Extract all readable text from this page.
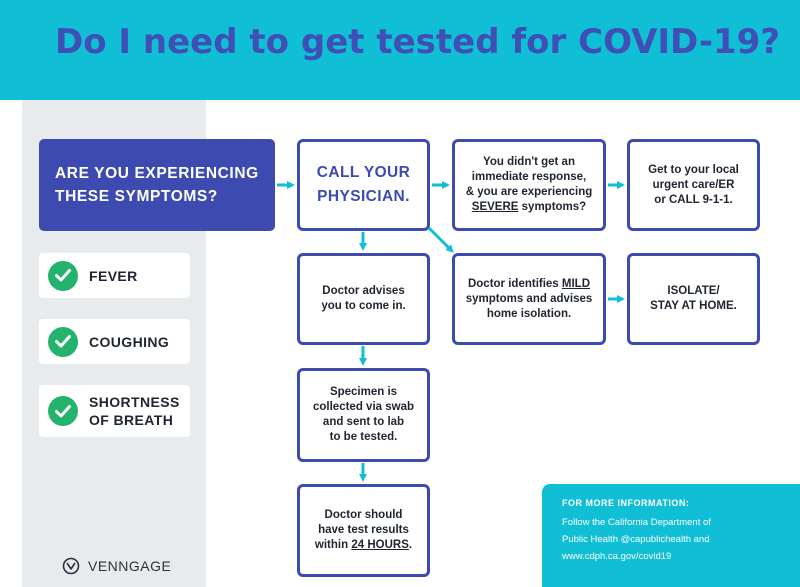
Do I need to get tested for COVID-19?
ARE YOU EXPERIENCING
THESE SYMPTOMS?
FEVER
COUGHING
SHORTNESS
OF BREATH
CALL YOUR
PHYSICIAN.
You didn't get an
immediate response,
& you are experiencing
SEVERE symptoms?
Get to your local
urgent care/ER
or CALL 9-1-1.
Doctor advises
you to come in.
Doctor identifies MILD
symptoms and advises
home isolation.
ISOLATE/
STAY AT HOME.
Specimen is
collected via swab
and sent to lab
to be tested.
Doctor should
have test results
within 24 HOURS.
FOR MORE INFORMATION:
Follow the California Department of
Public Health @capublichealth and
www.cdph.ca.gov/covid19
VENNGAGE
